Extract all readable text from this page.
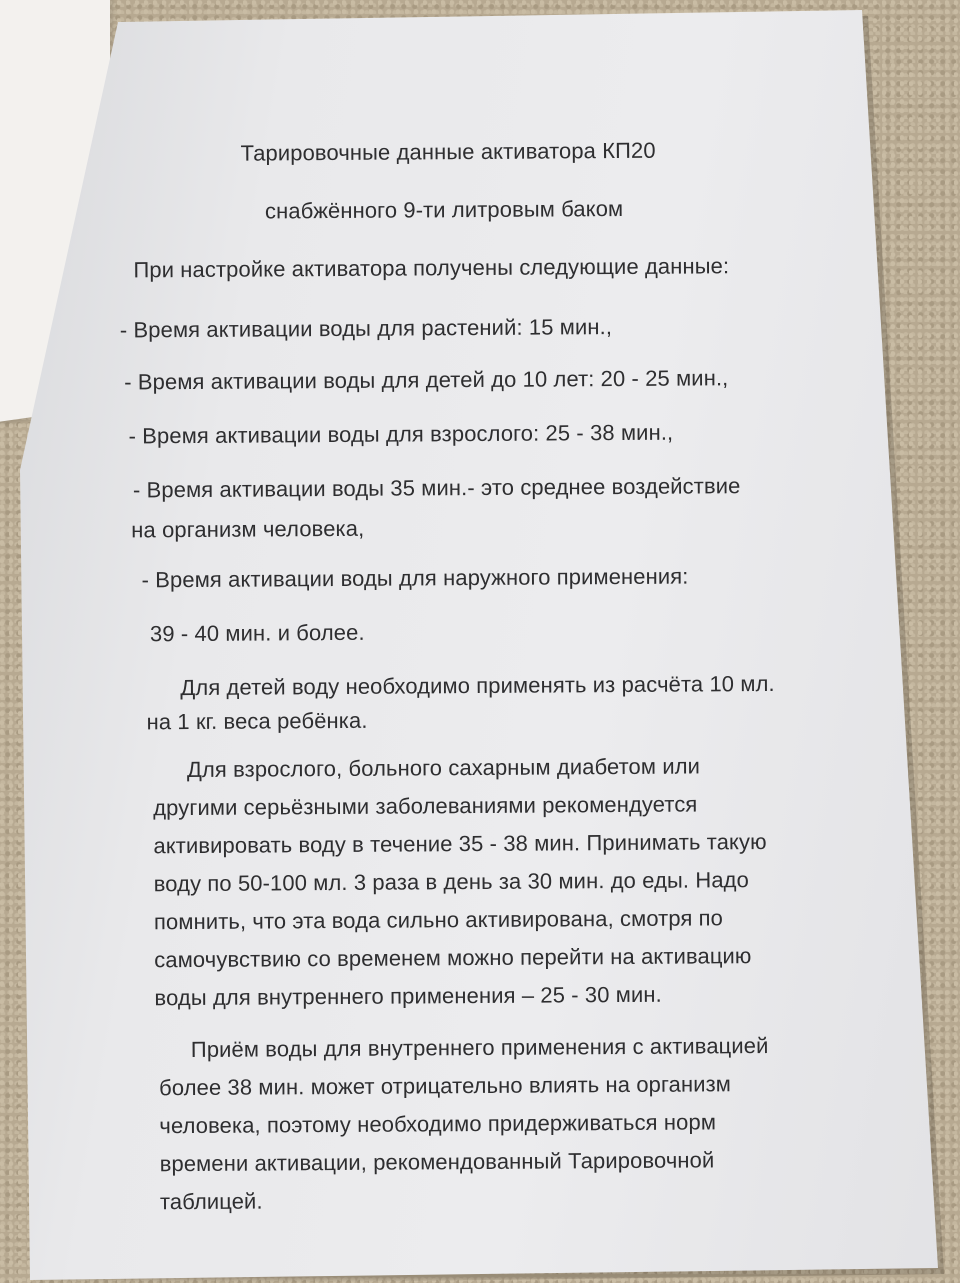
Тарировочные данные активатора КП20
снабжённого 9-ти литровым баком
При настройке активатора получены следующие данные:
- Время активации воды для растений: 15 мин.,
- Время активации воды для детей до 10 лет: 20 - 25 мин.,
- Время активации воды для взрослого: 25 - 38 мин.,
- Время активации воды 35 мин.- это среднее воздействие
на организм человека,
- Время активации воды для наружного применения:
39 - 40 мин. и более.
Для детей воду необходимо применять из расчёта 10 мл.
на 1 кг. веса ребёнка.
Для взрослого, больного сахарным диабетом или
другими серьёзными заболеваниями рекомендуется
активировать воду в течение 35 - 38 мин. Принимать такую
воду по 50-100 мл. 3 раза в день за 30 мин. до еды. Надо
помнить, что эта вода сильно активирована, смотря по
самочувствию со временем можно перейти на активацию
воды для внутреннего применения – 25 - 30 мин.
Приём воды для внутреннего применения с активацией
более 38 мин. может отрицательно влиять на организм
человека, поэтому необходимо придерживаться норм
времени активации, рекомендованный Тарировочной
таблицей.
